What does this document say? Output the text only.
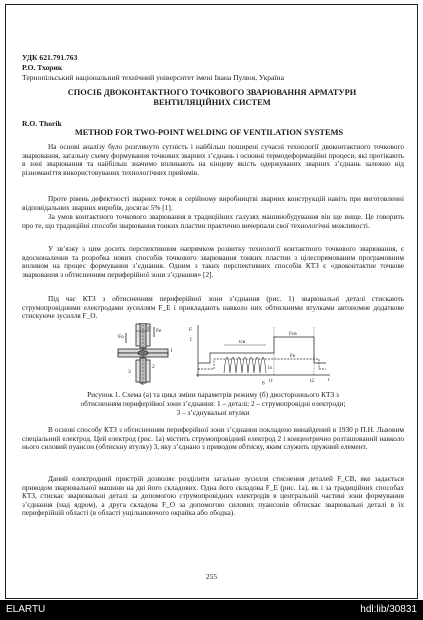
УДК 621.791.763
Р.О. Тхорик
Тернопільський національний технічний університет імені Івана Пулюя, Україна
СПОСІБ ДВОКОНТАКТНОГО ТОЧКОВОГО ЗВАРЮВАННЯ АРМАТУРИ
ВЕНТИЛЯЦІЙНИХ СИСТЕМ
R.O. Thorik
METHOD FOR TWO-POINT WELDING OF VENTILATION SYSTEMS

На основі аналізу було розглянуто сутність і найбільш поширені сучасні технології двоконтактного точкового зварювання, загальну схему формування точкових зварних з’єднань і основні термодеформаційні процеси, які протікають в зоні зварювання та найбільш значимо впливають на кінцеву якість одержуваних зварних з’єднань залежно від різноманіття використовуваних технологічних прийомів.

Проте рівень дефектності зварних точок в серійному виробництві зварних конструкцій навіть при виготовленні відповідальних зварних виробів, досягає 5% [1].

За умов контактного точкового зварювання в традиційних галузях машинобудування він ще вище. Це говорить про те, що традиційні способи зварювання тонких пластин практично вичерпали свої технологічні можливості.

У зв’язку з цим досить перспективним напрямком розвитку технології контактного точкового зварювання, є вдосконалення та розробка нових способів точкового зварювання тонких пластин з цілеспрямованим програмовним впливом на процес формування з’єднання. Одним з таких перспективних способів КТЗ є «двоконтактне точкове зварювання з обтисненням периферійної зони з’єднання» [2].

Під час КТЗ з обтисненням периферійної зони з’єднання (рис. 1) зварювальні деталі стискають струмопровідними електродами зусиллям F_E і прикладають навколо них обтискними втулками автономне додаткове стискуюче зусилля F_O.

D Fe
Fo
1
2
3
а
F
I
t
tсв
t1	t2
Iз
Fсв
Fк
б

Рисунок 1. Схема (а) та цикл зміни параметрів режиму (б) двостороннього КТЗ з

обтисненням периферійної зони з’єднання: 1 – деталі; 2 – струмопровідні електроди;

3 – з’єднувальні втулки

В основі способу КТЗ з обтисненням периферійної зони з’єднання покладено винайдений в 1930 р П.Н. Львовим спеціальний електрод. Цей електрод (рис. 1а) містить струмопровідний електрод 2 і концентрично розташований навколо нього силовий пуансон (обтискну втулку) 3, яку з’єднано з приводом обтиску, яким служить пружний елемент.

Даний електродний пристрій дозволяє розділити загальне зусилля стиснення деталей F_СВ, яке задається приводом зварювальної машини на дві його складових. Одна його складова F_E (рис. 1а), як і за традиційних способах КТЗ, стискає зварювальні деталі за допомогою струмопровідних електродів в центральній частині зони формування з’єднання (над ядром), а друга складова F_O за допомогою силових пуансонів обтискає зварювальні деталі в їх периферійній області (в області ущільнюючого окрайка або ободка).

255
ELARTU	hdl:lib/30831
